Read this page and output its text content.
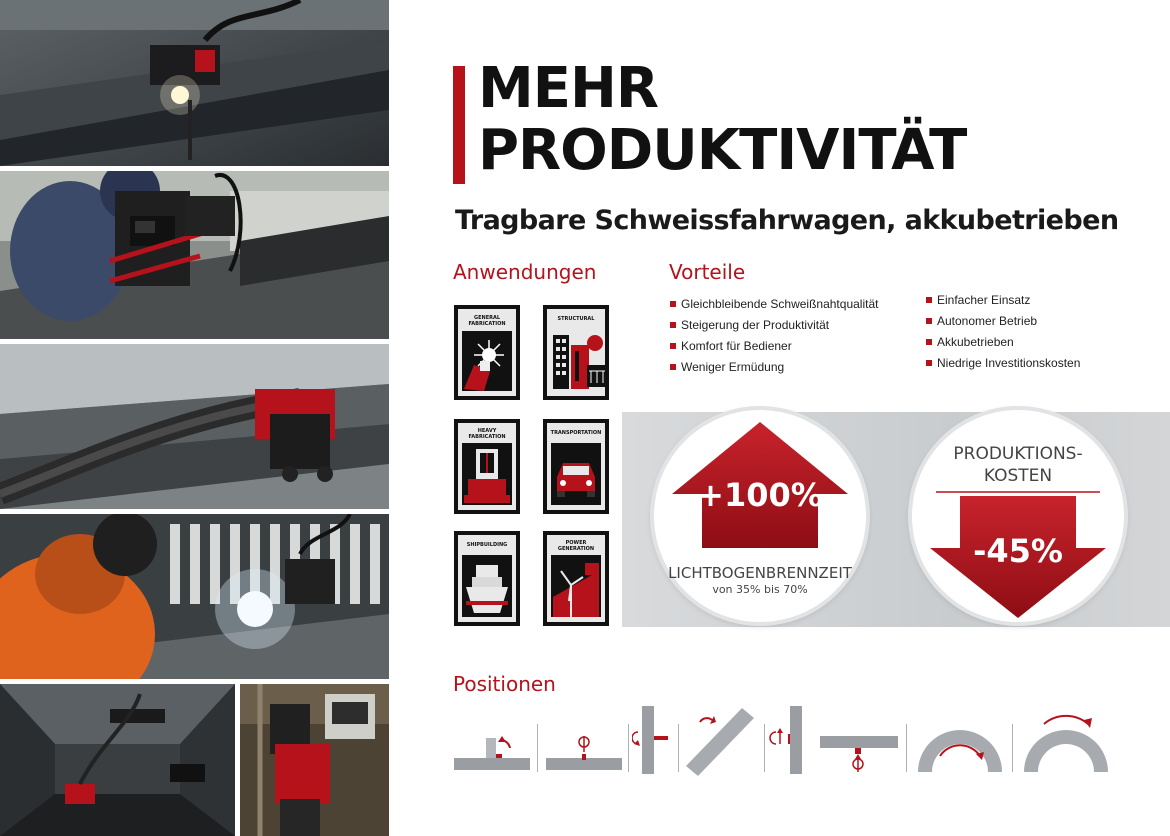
MEHR
PRODUKTIVITÄT
Tragbare Schweissfahrwagen, akkubetrieben
Anwendungen
GENERAL
FABRICATION
STRUCTURAL
HEAVY
FABRICATION
TRANSPORTATION
SHIPBUILDING	POWER
GENERATION
Vorteile
Gleichbleibende Schweißnahtqualität
Steigerung der Produktivität
Komfort für Bediener
Weniger Ermüdung
Einfacher Einsatz
Autonomer Betrieb
Akkubetrieben
Niedrige Investitionskosten
+100%
LICHTBOGENBRENNZEIT
von 35% bis 70%
PRODUKTIONS-
KOSTEN
-45%
Positionen
